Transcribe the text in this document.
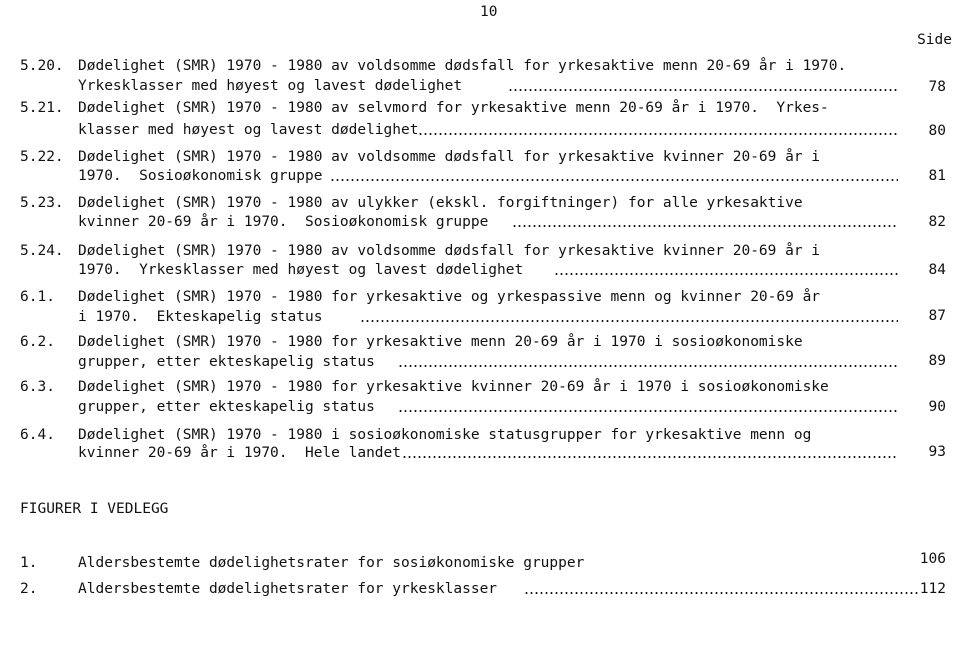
10
Side
5.20. Dødelighet (SMR) 1970 - 1980 av voldsomme dødsfall for yrkesaktive menn 20-69 år i 1970.
Yrkesklasser med høyest og lavest dødelighet	78
5.21. Dødelighet (SMR) 1970 - 1980 av selvmord for yrkesaktive menn 20-69 år i 1970.  Yrkes-
klasser med høyest og lavest dødelighet	80
5.22. Dødelighet (SMR) 1970 - 1980 av voldsomme dødsfall for yrkesaktive kvinner 20-69 år i
1970.  Sosioøkonomisk gruppe	81
5.23. Dødelighet (SMR) 1970 - 1980 av ulykker (ekskl. forgiftninger) for alle yrkesaktive
kvinner 20-69 år i 1970.  Sosioøkonomisk gruppe	82
5.24. Dødelighet (SMR) 1970 - 1980 av voldsomme dødsfall for yrkesaktive kvinner 20-69 år i
1970.  Yrkesklasser med høyest og lavest dødelighet	84
6.1. Dødelighet (SMR) 1970 - 1980 for yrkesaktive og yrkespassive menn og kvinner 20-69 år
i 1970.  Ekteskapelig status	87
6.2. Dødelighet (SMR) 1970 - 1980 for yrkesaktive menn 20-69 år i 1970 i sosioøkonomiske
grupper, etter ekteskapelig status	89
6.3. Dødelighet (SMR) 1970 - 1980 for yrkesaktive kvinner 20-69 år i 1970 i sosioøkonomiske
grupper, etter ekteskapelig status	90
6.4. Dødelighet (SMR) 1970 - 1980 i sosioøkonomiske statusgrupper for yrkesaktive menn og
kvinner 20-69 år i 1970.  Hele landet	93
FIGURER I VEDLEGG
1.	Aldersbestemte dødelighetsrater for sosiøkonomiske grupper	106
2.	Aldersbestemte dødelighetsrater for yrkesklasser	112
